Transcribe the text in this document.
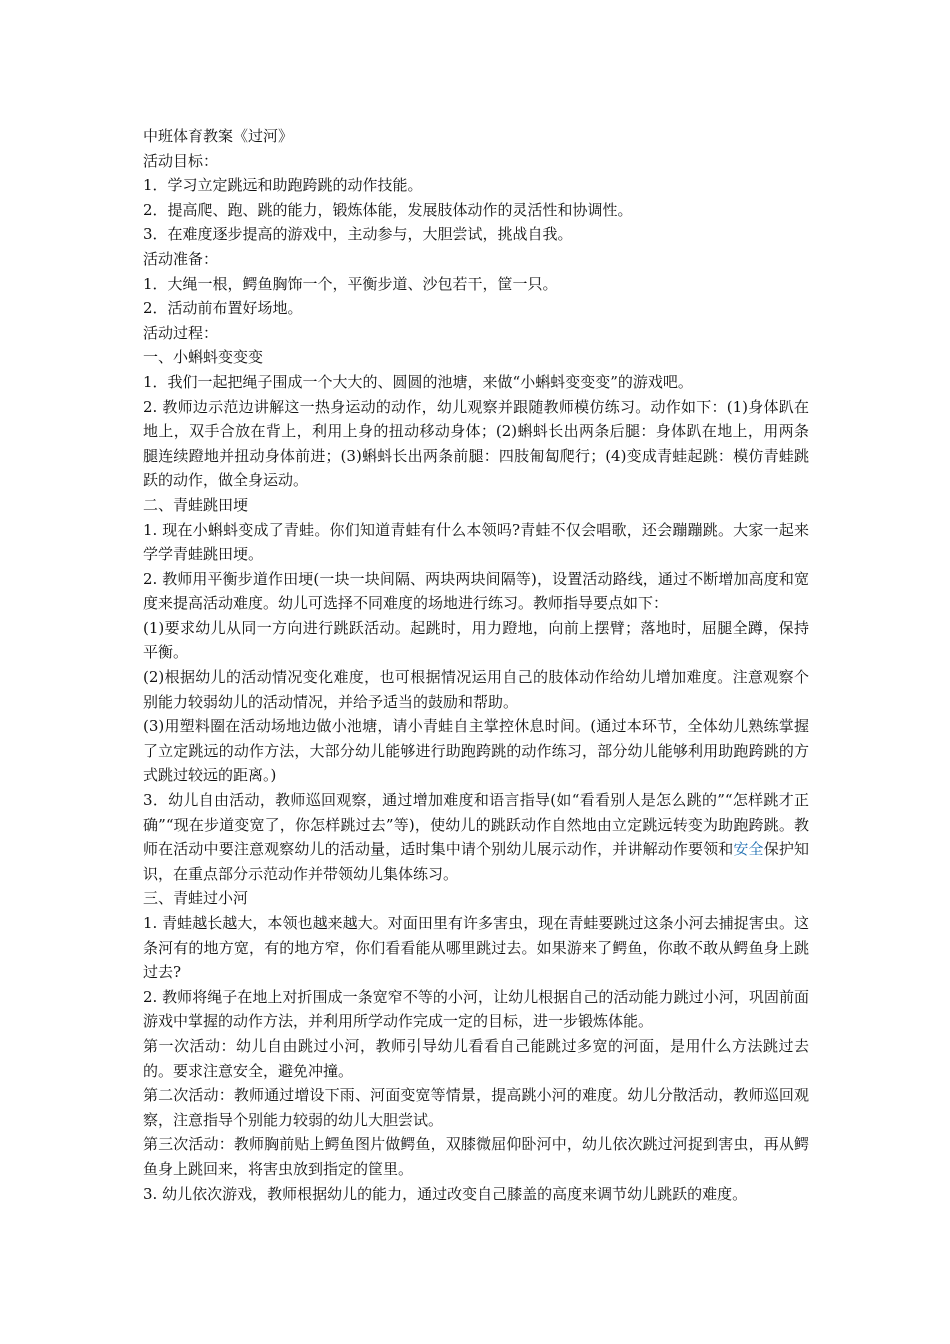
中班体育教案《过河》

活动目标：

1．学习立定跳远和助跑跨跳的动作技能。

2．提高爬、跑、跳的能力，锻炼体能，发展肢体动作的灵活性和协调性。

3．在难度逐步提高的游戏中，主动参与，大胆尝试，挑战自我。

活动准备：

1．大绳一根，鳄鱼胸饰一个，平衡步道、沙包若干，筐一只。

2．活动前布置好场地。

活动过程：

一、小蝌蚪变变变

1．我们一起把绳子围成一个大大的、圆圆的池塘，来做“小蝌蚪变变变”的游戏吧。

2. 教师边示范边讲解这一热身运动的动作，幼儿观察并跟随教师模仿练习。动作如下：(1)身体趴在地上，双手合放在背上，利用上身的扭动移动身体；(2)蝌蚪长出两条后腿：身体趴在地上，用两条腿连续蹬地并扭动身体前进；(3)蝌蚪长出两条前腿：四肢匍匐爬行；(4)变成青蛙起跳：模仿青蛙跳跃的动作，做全身运动。

二、青蛙跳田埂

1. 现在小蝌蚪变成了青蛙。你们知道青蛙有什么本领吗?青蛙不仅会唱歌，还会蹦蹦跳。大家一起来学学青蛙跳田埂。

2. 教师用平衡步道作田埂(一块一块间隔、两块两块间隔等)，设置活动路线，通过不断增加高度和宽度来提高活动难度。幼儿可选择不同难度的场地进行练习。教师指导要点如下：

(1)要求幼儿从同一方向进行跳跃活动。起跳时，用力蹬地，向前上摆臂；落地时，屈腿全蹲，保持平衡。

(2)根据幼儿的活动情况变化难度，也可根据情况运用自己的肢体动作给幼儿增加难度。注意观察个别能力较弱幼儿的活动情况，并给予适当的鼓励和帮助。

(3)用塑料圈在活动场地边做小池塘，请小青蛙自主掌控休息时间。(通过本环节，全体幼儿熟练掌握了立定跳远的动作方法，大部分幼儿能够进行助跑跨跳的动作练习，部分幼儿能够利用助跑跨跳的方式跳过较远的距离。)

3．幼儿自由活动，教师巡回观察，通过增加难度和语言指导(如“看看别人是怎么跳的”“怎样跳才正确”“现在步道变宽了，你怎样跳过去”等)，使幼儿的跳跃动作自然地由立定跳远转变为助跑跨跳。教师在活动中要注意观察幼儿的活动量，适时集中请个别幼儿展示动作，并讲解动作要领和安全保护知识，在重点部分示范动作并带领幼儿集体练习。

三、青蛙过小河

1. 青蛙越长越大，本领也越来越大。对面田里有许多害虫，现在青蛙要跳过这条小河去捕捉害虫。这条河有的地方宽，有的地方窄，你们看看能从哪里跳过去。如果游来了鳄鱼，你敢不敢从鳄鱼身上跳过去?

2. 教师将绳子在地上对折围成一条宽窄不等的小河，让幼儿根据自己的活动能力跳过小河，巩固前面游戏中掌握的动作方法，并利用所学动作完成一定的目标，进一步锻炼体能。

第一次活动：幼儿自由跳过小河，教师引导幼儿看看自己能跳过多宽的河面，是用什么方法跳过去的。要求注意安全，避免冲撞。

第二次活动：教师通过增设下雨、河面变宽等情景，提高跳小河的难度。幼儿分散活动，教师巡回观察，注意指导个别能力较弱的幼儿大胆尝试。

第三次活动：教师胸前贴上鳄鱼图片做鳄鱼，双膝微屈仰卧河中，幼儿依次跳过河捉到害虫，再从鳄鱼身上跳回来，将害虫放到指定的筐里。

3. 幼儿依次游戏，教师根据幼儿的能力，通过改变自己膝盖的高度来调节幼儿跳跃的难度。
